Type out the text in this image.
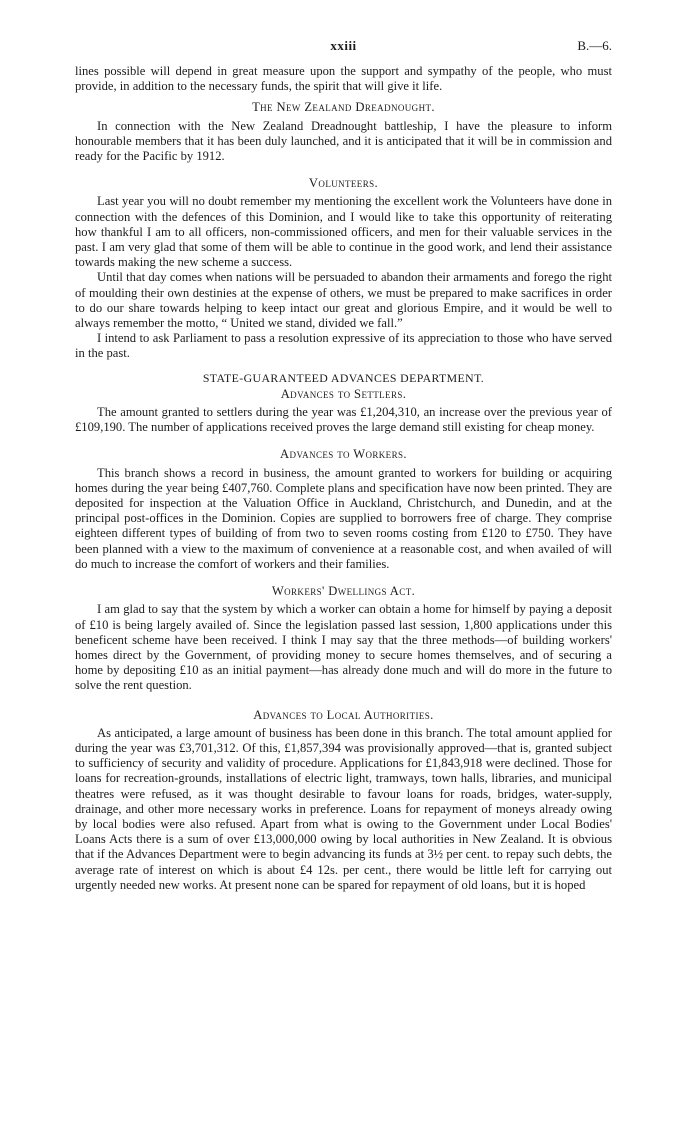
xxiii	B.—6.

lines possible will depend in great measure upon the support and sympathy of the people, who must provide, in addition to the necessary funds, the spirit that will give it life.

The New Zealand Dreadnought.

In connection with the New Zealand Dreadnought battleship, I have the pleasure to inform honourable members that it has been duly launched, and it is anticipated that it will be in commission and ready for the Pacific by 1912.

Volunteers.

Last year you will no doubt remember my mentioning the excellent work the Volunteers have done in connection with the defences of this Dominion, and I would like to take this opportunity of reiterating how thankful I am to all officers, non-commissioned officers, and men for their valuable services in the past. I am very glad that some of them will be able to continue in the good work, and lend their assistance towards making the new scheme a success.

Until that day comes when nations will be persuaded to abandon their armaments and forego the right of moulding their own destinies at the expense of others, we must be prepared to make sacrifices in order to do our share towards helping to keep intact our great and glorious Empire, and it would be well to always remember the motto, “ United we stand, divided we fall.”

I intend to ask Parliament to pass a resolution expressive of its appreciation to those who have served in the past.

STATE-GUARANTEED ADVANCES DEPARTMENT.
Advances to Settlers.

The amount granted to settlers during the year was £1,204,310, an increase over the previous year of £109,190. The number of applications received proves the large demand still existing for cheap money.

Advances to Workers.

This branch shows a record in business, the amount granted to workers for building or acquiring homes during the year being £407,760. Complete plans and specification have now been printed. They are deposited for inspection at the Valuation Office in Auckland, Christchurch, and Dunedin, and at the principal post-offices in the Dominion. Copies are supplied to borrowers free of charge. They comprise eighteen different types of building of from two to seven rooms costing from £120 to £750. They have been planned with a view to the maximum of convenience at a reasonable cost, and when availed of will do much to increase the comfort of workers and their families.

Workers' Dwellings Act.

I am glad to say that the system by which a worker can obtain a home for himself by paying a deposit of £10 is being largely availed of. Since the legislation passed last session, 1,800 applications under this beneficent scheme have been received. I think I may say that the three methods—of building workers' homes direct by the Government, of providing money to secure homes themselves, and of securing a home by depositing £10 as an initial payment—has already done much and will do more in the future to solve the rent question.

Advances to Local Authorities.

As anticipated, a large amount of business has been done in this branch. The total amount applied for during the year was £3,701,312. Of this, £1,857,394 was provisionally approved—that is, granted subject to sufficiency of security and validity of procedure. Applications for £1,843,918 were declined. Those for loans for recreation-grounds, installations of electric light, tramways, town halls, libraries, and municipal theatres were refused, as it was thought desirable to favour loans for roads, bridges, water-supply, drainage, and other more necessary works in preference. Loans for repayment of moneys already owing by local bodies were also refused. Apart from what is owing to the Government under Local Bodies' Loans Acts there is a sum of over £13,000,000 owing by local authorities in New Zealand. It is obvious that if the Advances Department were to begin advancing its funds at 3½ per cent. to repay such debts, the average rate of interest on which is about £4 12s. per cent., there would be little left for carrying out urgently needed new works. At present none can be spared for repayment of old loans, but it is hoped
